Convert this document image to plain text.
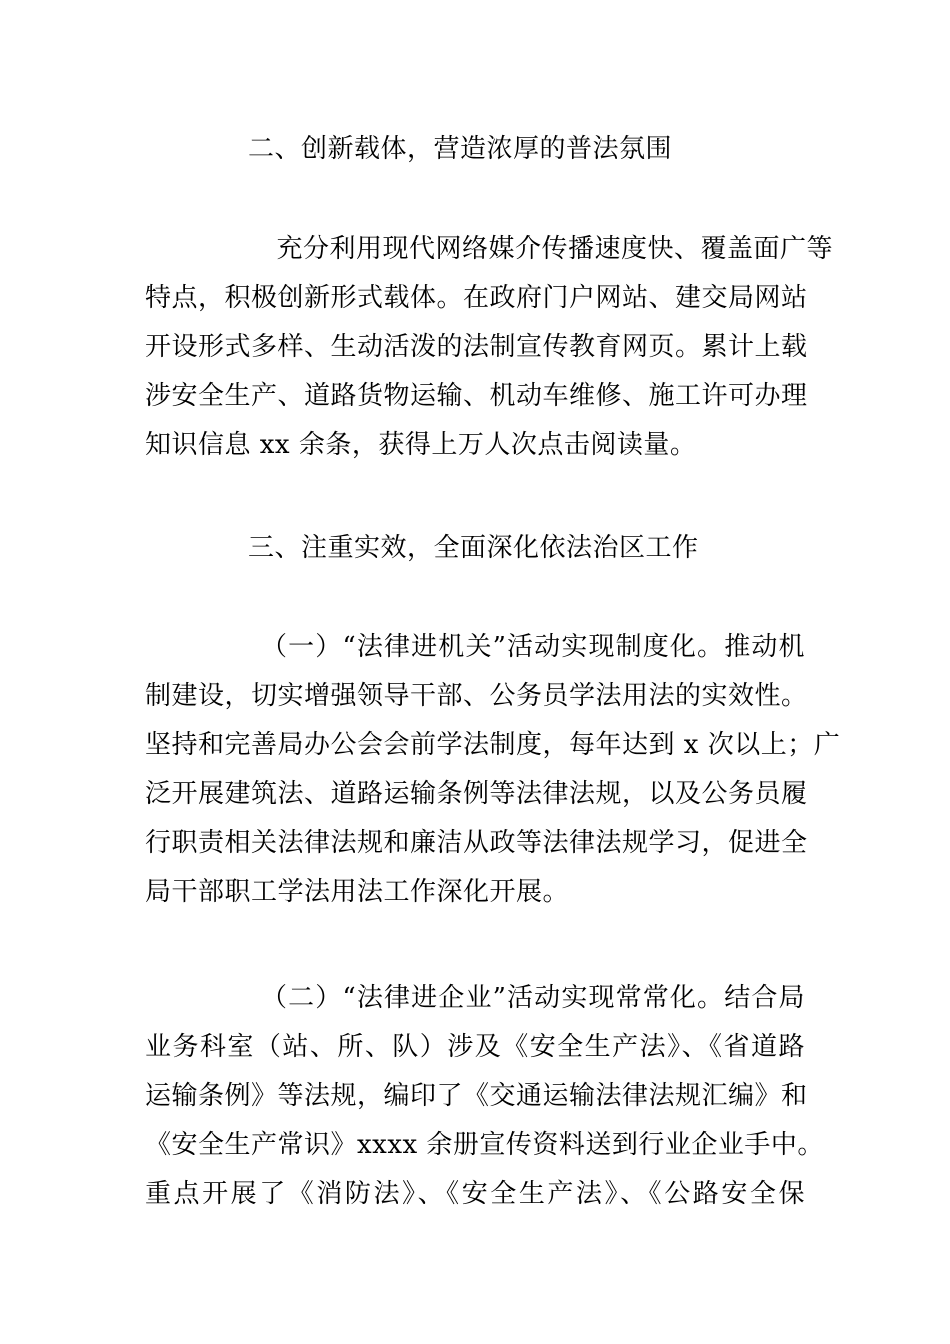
二、创新载体，营造浓厚的普法氛围
　充分利用现代网络媒介传播速度快、覆盖面广等
特点，积极创新形式载体。在政府门户网站、建交局网站
开设形式多样、生动活泼的法制宣传教育网页。累计上载
涉安全生产、道路货物运输、机动车维修、施工许可办理
知识信息 xx 余条，获得上万人次点击阅读量。
三、注重实效，全面深化依法治区工作
（一）“法律进机关”活动实现制度化。推动机
制建设，切实增强领导干部、公务员学法用法的实效性。
坚持和完善局办公会会前学法制度，每年达到 x 次以上；广
泛开展建筑法、道路运输条例等法律法规，以及公务员履
行职责相关法律法规和廉洁从政等法律法规学习，促进全
局干部职工学法用法工作深化开展。
（二）“法律进企业”活动实现常常化。结合局
业务科室（站、所、队）涉及《安全生产法》、《省道路
运输条例》等法规，编印了《交通运输法律法规汇编》和
《安全生产常识》xxxx 余册宣传资料送到行业企业手中。
重点开展了《消防法》、《安全生产法》、《公路安全保
